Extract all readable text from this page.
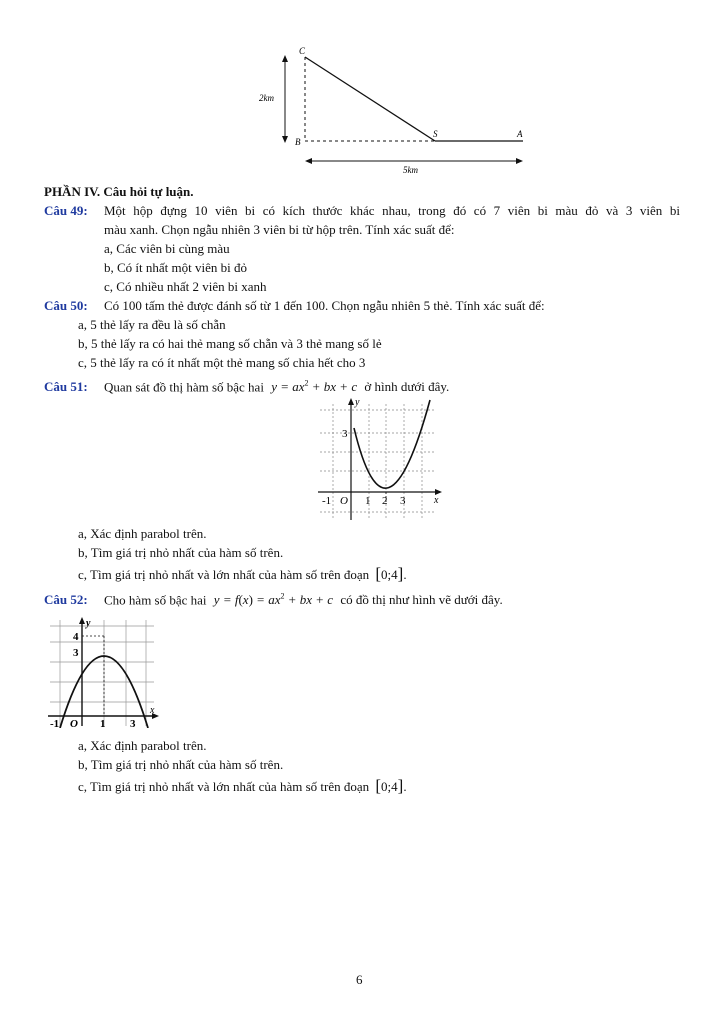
C
B
S	A
2km
5km
PHẦN IV. Câu hỏi tự luận.
Câu 49: Một hộp đựng 10 viên bi có kích thước khác nhau, trong đó có 7 viên bi màu đỏ và 3 viên bi
màu xanh. Chọn ngẫu nhiên 3 viên bi từ hộp trên. Tính xác suất để:
a, Các viên bi cùng màu
b, Có ít nhất một viên bi đỏ
c, Có nhiều nhất 2 viên bi xanh
Câu 50: Có 100 tấm thẻ được đánh số từ 1 đến 100. Chọn ngẫu nhiên 5 thẻ. Tính xác suất để:
a, 5 thẻ lấy ra đều là số chẵn
b, 5 thẻ lấy ra có hai thẻ mang số chẵn và 3 thẻ mang số lẻ
c, 5 thẻ lấy ra có ít nhất một thẻ mang số chia hết cho 3
Câu 51: Quan sát đồ thị hàm số bậc hai $y = ax^2$ + bx + c ở hình dưới đây.
y
x
3
-1 O 1 2 3
a, Xác định parabol trên.
b, Tìm giá trị nhỏ nhất của hàm số trên.
c, Tìm giá trị nhỏ nhất và lớn nhất của hàm số trên đoạn [0;4].
Câu 52: Cho hàm số bậc hai $y = f(x) = ax^2$ + bx + c có đồ thị như hình vẽ dưới đây.
y
x
4
3
-1 O 1 3
a, Xác định parabol trên.
b, Tìm giá trị nhỏ nhất của hàm số trên.
c, Tìm giá trị nhỏ nhất và lớn nhất của hàm số trên đoạn [0;4].
6
